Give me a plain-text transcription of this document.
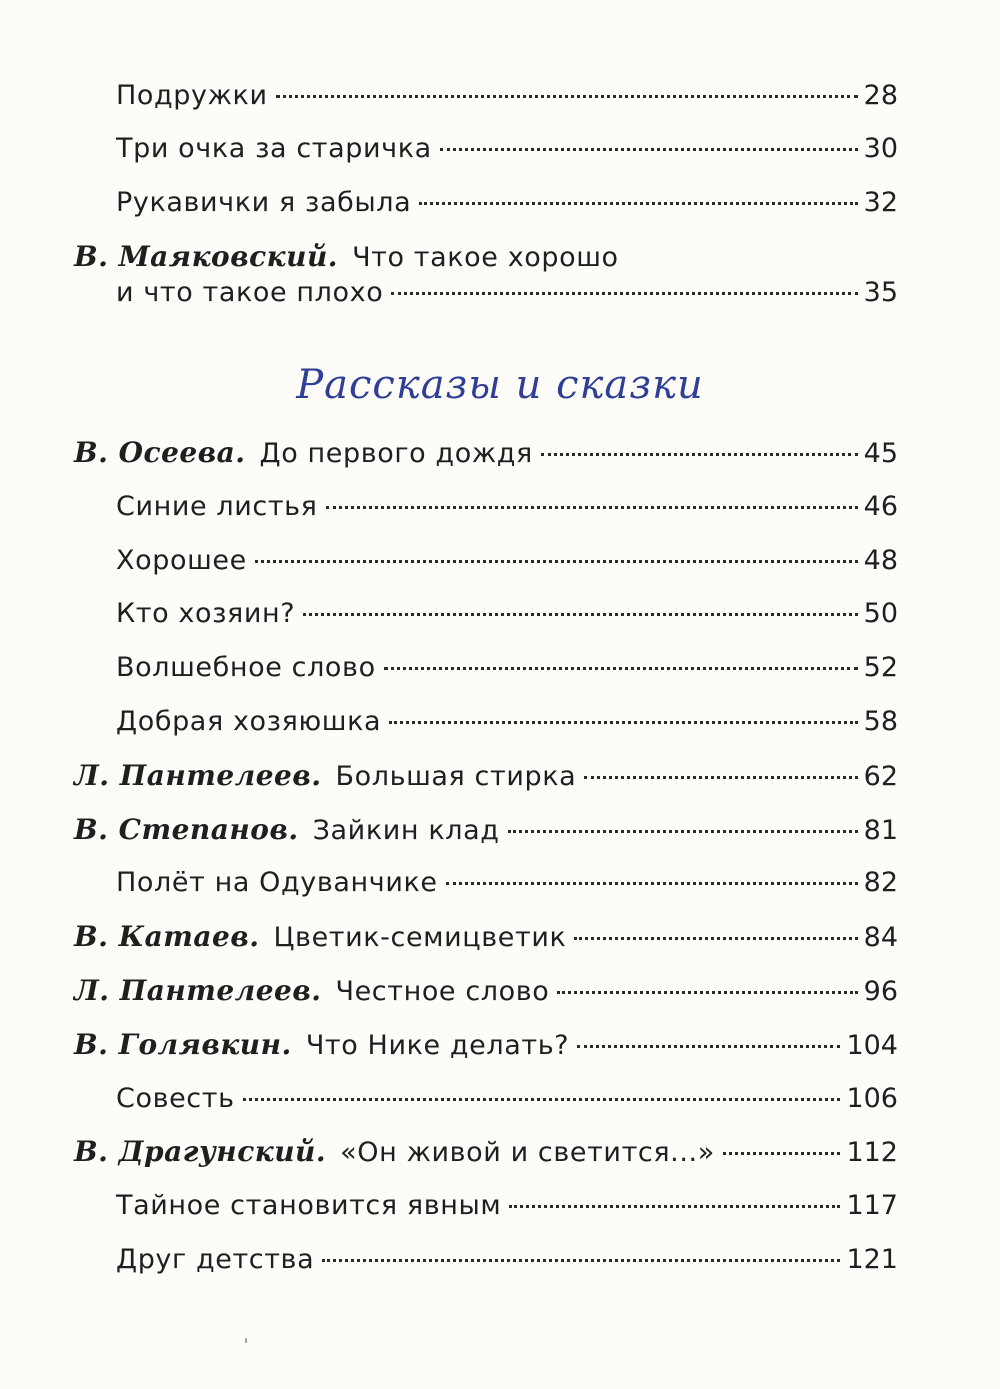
Подружки	28
Три очка за старичка	30
Рукавички я забыла	32
В. Маяковский. Что такое хорошо
и что такое плохо	35
Рассказы и сказки
В. Осеева. До первого дождя	45
Синие листья	46
Хорошее	48
Кто хозяин?	50
Волшебное слово	52
Добрая хозяюшка	58
Л. Пантелеев. Большая стирка	62
В. Степанов. Зайкин клад	81
Полёт на Одуванчике	82
В. Катаев. Цветик-семицветик	84
Л. Пантелеев. Честное слово	96
В. Голявкин. Что Нике делать?	104
Совесть	106
В. Драгунский. «Он живой и светится...»	112
Тайное становится явным	117
Друг детства	121
